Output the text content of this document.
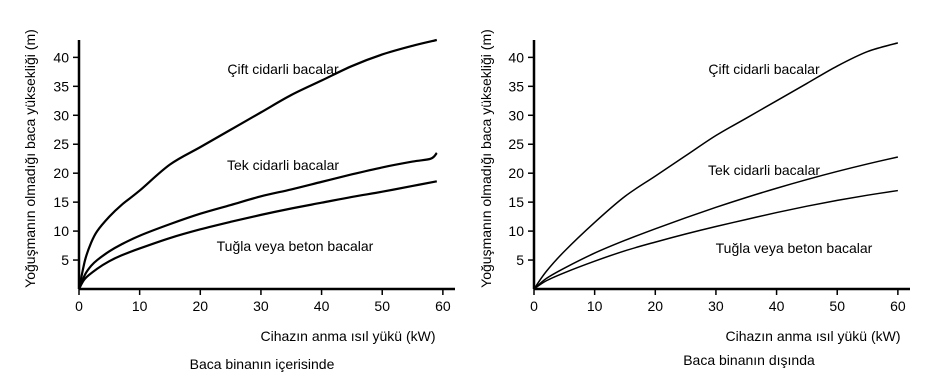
0	10	20	30	40	50	60
5
10
15
20
25
30
35
40
Çift cidarli bacalar
Tek cidarli bacalar
Tuğla veya beton bacalar
Cihazın anma ısıl yükü (kW)
Yoğuşmanın olmadığı baca yüksekliği (m)
Baca binanın içerisinde
0	10	20	30	40	50	60
5
10
15
20
25
30
35
40
Çift cidarli bacalar
Tek cidarli bacalar
Tuğla veya beton bacalar
Cihazın anma ısıl yükü (kW)
Yoğuşmanın olmadığı baca yüksekliği (m)
Baca binanın dışında
